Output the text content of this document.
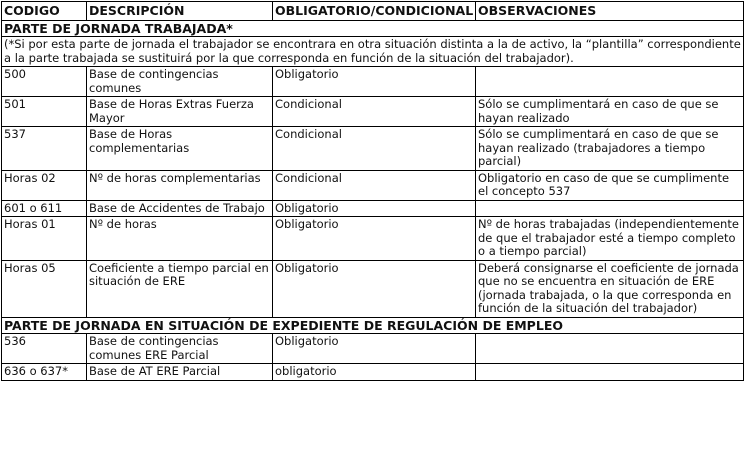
CODIGO	DESCRIPCIÓN	OBLIGATORIO/CONDICIONAL	OBSERVACIONES
PARTE DE JORNADA TRABAJADA*			
(*Si por esta parte de jornada el trabajador se encontrara en otra situación distinta a la de activo, la “plantilla” correspondiente a la parte trabajada se sustituirá por la que corresponda en función de la situación del trabajador).			
500	Base de contingencias comunes	Obligatorio	
501	Base de Horas Extras Fuerza Mayor	Condicional	Sólo se cumplimentará en caso de que se hayan realizado
537	Base de Horas complementarias	Condicional	Sólo se cumplimentará en caso de que se hayan realizado (trabajadores a tiempo parcial)
Horas 02	Nº de horas complementarias	Condicional	Obligatorio en caso de que se cumplimente el concepto 537
601 o 611	Base de Accidentes de Trabajo	Obligatorio	
Horas 01	Nº de horas	Obligatorio	Nº de horas trabajadas (independientemente de que el trabajador esté a tiempo completo o a tiempo parcial)
Horas 05	Coeficiente a tiempo parcial en situación de ERE	Obligatorio	Deberá consignarse el coeficiente de jornada que no se encuentra en situación de ERE (jornada trabajada, o la que corresponda en función de la situación del trabajador)
PARTE DE JORNADA EN SITUACIÓN DE EXPEDIENTE DE REGULACIÓN DE EMPLEO			
536	Base de contingencias comunes ERE Parcial	Obligatorio	
636 o 637*	Base de AT ERE Parcial	obligatorio	
